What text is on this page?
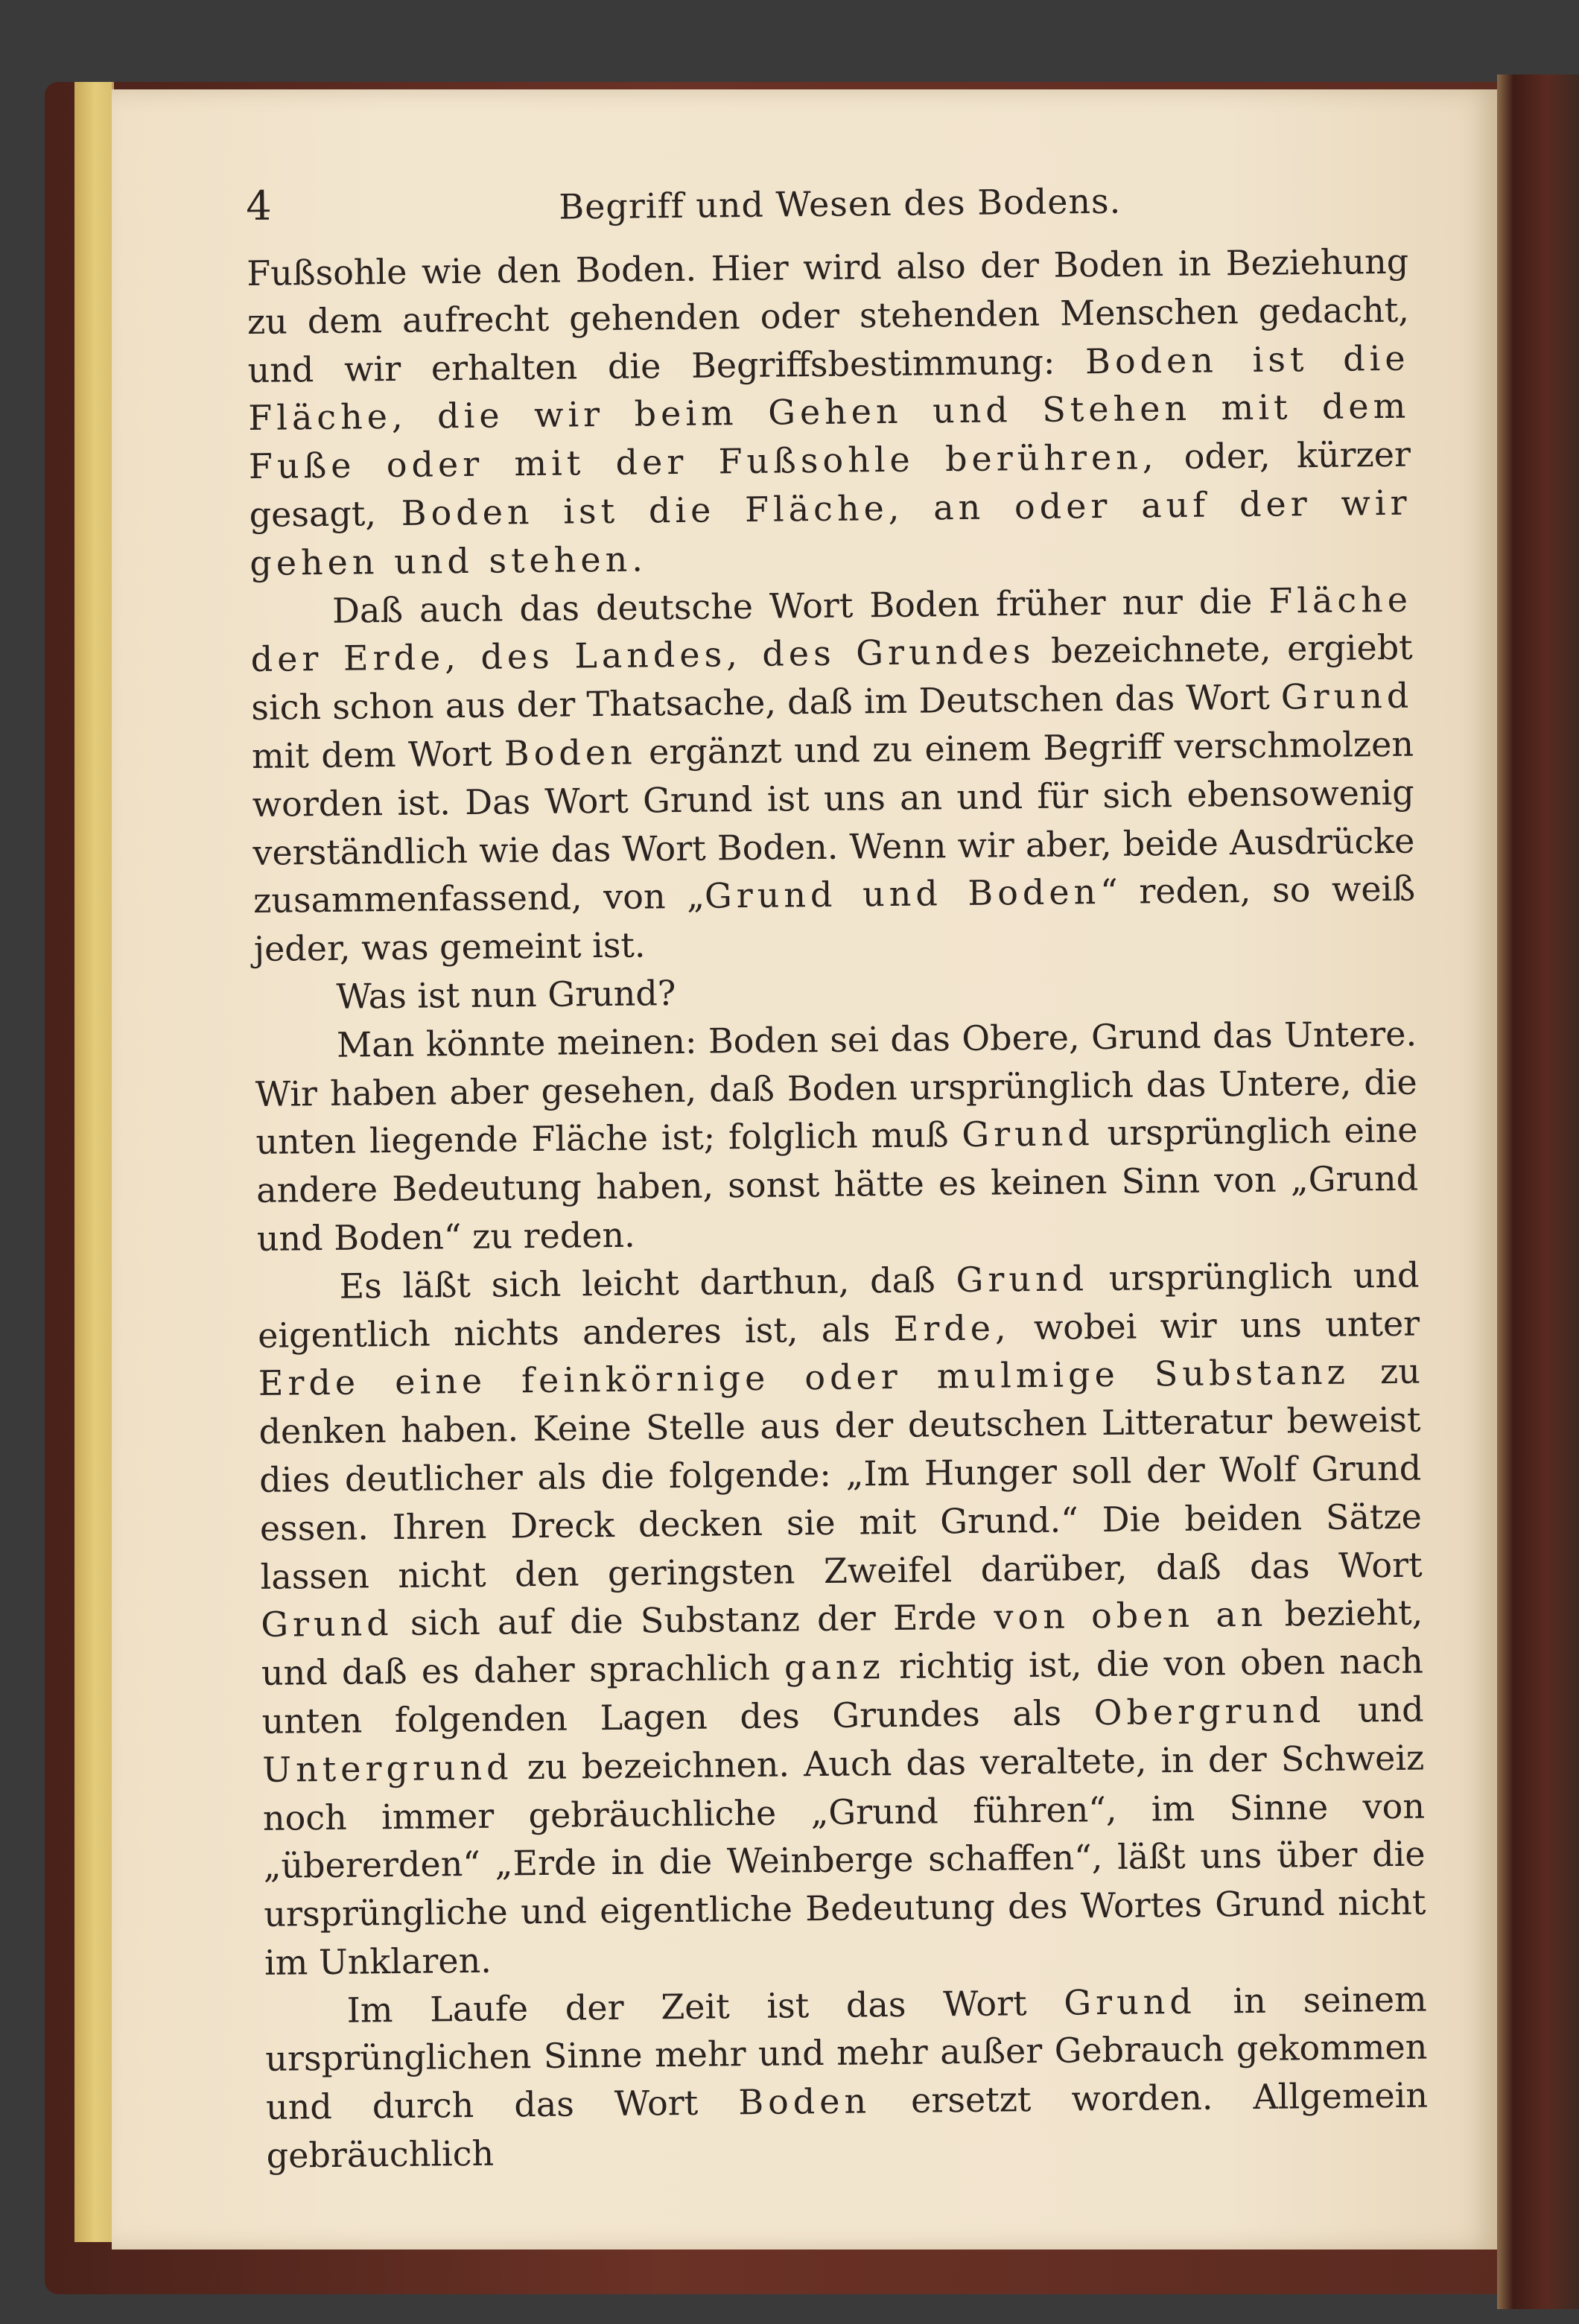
4	Begriff und Wesen des Bodens.

Fußsohle wie den Boden. Hier wird also der Boden in Beziehung zu dem aufrecht gehenden oder stehenden Menschen gedacht, und wir erhalten die Begriffsbestimmung: Boden ist die Fläche, die wir beim Gehen und Stehen mit dem Fuße oder mit der Fußsohle berühren, oder, kürzer gesagt, Boden ist die Fläche, an oder auf der wir gehen und stehen.

Daß auch das deutsche Wort Boden früher nur die Fläche der Erde, des Landes, des Grundes bezeichnete, ergiebt sich schon aus der Thatsache, daß im Deutschen das Wort Grund mit dem Wort Boden ergänzt und zu einem Begriff verschmolzen worden ist. Das Wort Grund ist uns an und für sich ebensowenig verständlich wie das Wort Boden. Wenn wir aber, beide Ausdrücke zusammenfassend, von „Grund und Boden“ reden, so weiß jeder, was gemeint ist.

Was ist nun Grund?

Man könnte meinen: Boden sei das Obere, Grund das Untere. Wir haben aber gesehen, daß Boden ursprünglich das Untere, die unten liegende Fläche ist; folglich muß Grund ursprünglich eine andere Bedeutung haben, sonst hätte es keinen Sinn von „Grund und Boden“ zu reden.

Es läßt sich leicht darthun, daß Grund ursprünglich und eigentlich nichts anderes ist, als Erde, wobei wir uns unter Erde eine feinkörnige oder mulmige Substanz zu denken haben. Keine Stelle aus der deutschen Litteratur beweist dies deutlicher als die folgende: „Im Hunger soll der Wolf Grund essen. Ihren Dreck decken sie mit Grund.“ Die beiden Sätze lassen nicht den geringsten Zweifel darüber, daß das Wort Grund sich auf die Substanz der Erde von oben an bezieht, und daß es daher sprachlich ganz richtig ist, die von oben nach unten folgenden Lagen des Grundes als Obergrund und Untergrund zu bezeichnen. Auch das veraltete, in der Schweiz noch immer gebräuchliche „Grund führen“, im Sinne von „übererden“ „Erde in die Weinberge schaffen“, läßt uns über die ursprüngliche und eigentliche Bedeutung des Wortes Grund nicht im Unklaren.

Im Laufe der Zeit ist das Wort Grund in seinem ursprünglichen Sinne mehr und mehr außer Gebrauch gekommen und durch das Wort Boden ersetzt worden. Allgemein gebräuchlich
